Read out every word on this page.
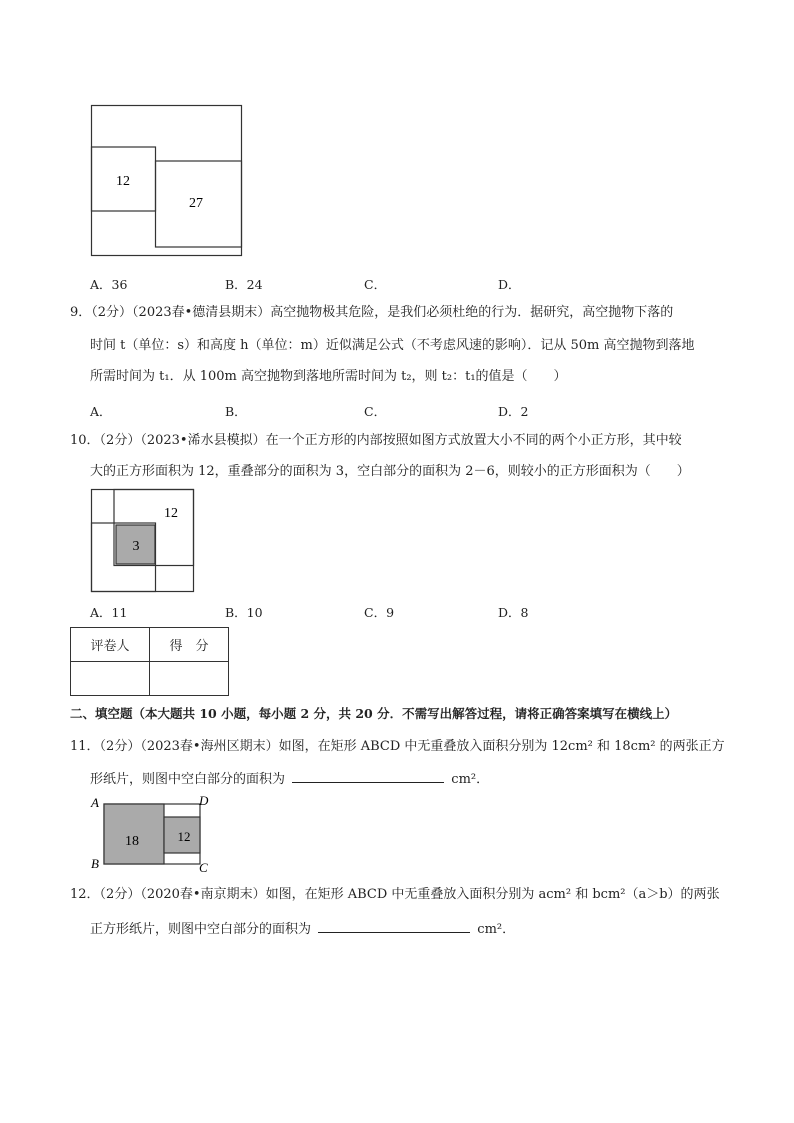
12
27
A．36	B．24	C．	D．
9．（2分）（2023春•德清县期末）高空抛物极其危险，是我们必须杜绝的行为．据研究，高空抛物下落的
时间 t（单位：s）和高度 h（单位：m）近似满足公式（不考虑风速的影响）．记从 50m 高空抛物到落地
所需时间为 t₁．从 100m 高空抛物到落地所需时间为 t₂，则 t₂：t₁的值是（　　）
A．	B．	C．	D．2
10．（2分）（2023•浠水县模拟）在一个正方形的内部按照如图方式放置大小不同的两个小正方形，其中较
大的正方形面积为 12，重叠部分的面积为 3，空白部分的面积为 2－6，则较小的正方形面积为（　　）
12
3
A．11	B．10	C．9	D．8
评卷人	得　分

二、填空题（本大题共 10 小题，每小题 2 分，共 20 分．不需写出解答过程，请将正确答案填写在横线上）
11．（2分）（2023春•海州区期末）如图，在矩形 ABCD 中无重叠放入面积分别为 12cm² 和 18cm² 的两张正方
形纸片，则图中空白部分的面积为	cm²．
18	12
A
B	C
D
12．（2分）（2020春•南京期末）如图，在矩形 ABCD 中无重叠放入面积分别为 acm² 和 bcm²（a＞b）的两张
正方形纸片，则图中空白部分的面积为	cm²．
